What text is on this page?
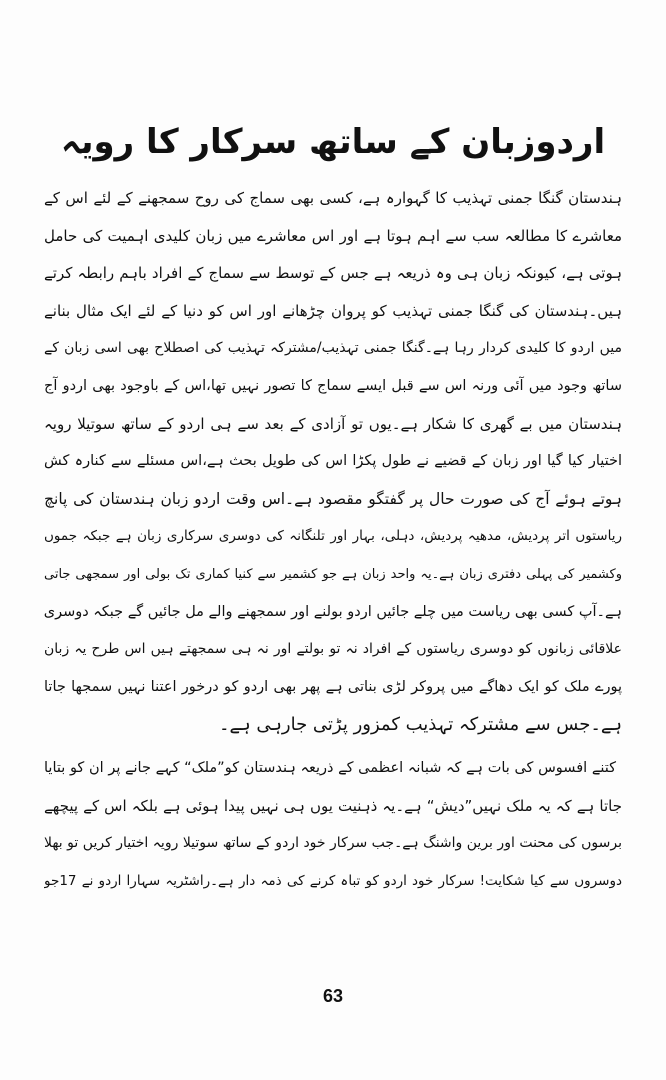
اردوزبان کے ساتھ سرکار کا رویہ
ہندستان گنگا جمنی تہذیب کا گہوارہ ہے، کسی بھی سماج کی روح سمجھنے کے لئے اس کے
معاشرے کا مطالعہ سب سے اہم ہوتا ہے اور اس معاشرے میں زبان کلیدی اہمیت کی حامل
ہوتی ہے، کیونکہ زبان ہی وہ ذریعہ ہے جس کے توسط سے سماج کے افراد باہم رابطہ کرتے
ہیں۔ہندستان کی گنگا جمنی تہذیب کو پروان چڑھانے اور اس کو دنیا کے لئے ایک مثال بنانے
میں اردو کا کلیدی کردار رہا ہے۔گنگا جمنی تہذیب/مشترکہ تہذیب کی اصطلاح بھی اسی زبان کے
ساتھ وجود میں آئی ورنہ اس سے قبل ایسے سماج کا تصور نہیں تھا،اس کے باوجود بھی اردو آج
ہندستان میں بے گھری کا شکار ہے۔یوں تو آزادی کے بعد سے ہی اردو کے ساتھ سوتیلا رویہ
اختیار کیا گیا اور زبان کے قضیے نے طول پکڑا اس کی طویل بحث ہے،اس مسئلے سے کنارہ کش
ہوتے ہوئے آج کی صورت حال پر گفتگو مقصود ہے۔اس وقت اردو زبان ہندستان کی پانچ
ریاستوں اتر پردیش، مدھیہ پردیش، دہلی، بہار اور تلنگانہ کی دوسری سرکاری زبان ہے جبکہ جموں
وکشمیر کی پہلی دفتری زبان ہے۔یہ واحد زبان ہے جو کشمیر سے کنیا کماری تک بولی اور سمجھی جاتی
ہے۔آپ کسی بھی ریاست میں چلے جائیں اردو بولنے اور سمجھنے والے مل جائیں گے جبکہ دوسری
علاقائی زبانوں کو دوسری ریاستوں کے افراد نہ تو بولتے اور نہ ہی سمجھتے ہیں اس طرح یہ زبان
پورے ملک کو ایک دھاگے میں پروکر لڑی بناتی ہے پھر بھی اردو کو درخور اعتنا نہیں سمجھا جاتا
ہے۔جس سے مشترکہ تہذیب کمزور پڑتی جارہی ہے۔
کتنے افسوس کی بات ہے کہ شبانہ اعظمی کے ذریعہ ہندستان کو”ملک“ کہے جانے پر ان کو بتایا
جاتا ہے کہ یہ ملک نہیں”دیش“ ہے۔یہ ذہنیت یوں ہی نہیں پیدا ہوئی ہے بلکہ اس کے پیچھے
برسوں کی محنت اور برین واشنگ ہے۔جب سرکار خود اردو کے ساتھ سوتیلا رویہ اختیار کریں تو بھلا
دوسروں سے کیا شکایت! سرکار خود اردو کو تباہ کرنے کی ذمہ دار ہے۔راشٹریہ سہارا اردو نے 17جو
63
